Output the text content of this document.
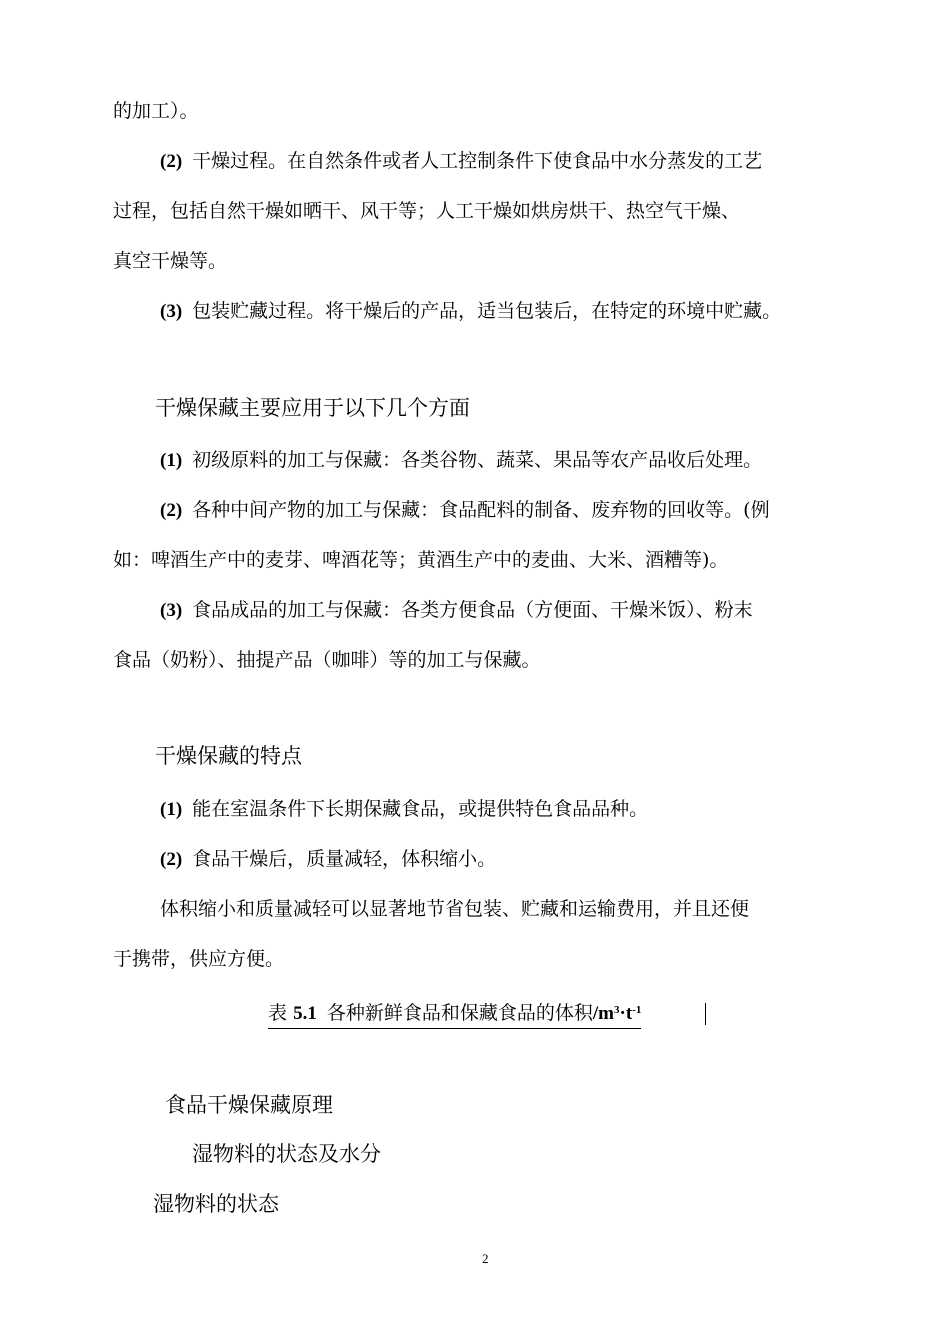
的加工）。
(2) 干燥过程。在自然条件或者人工控制条件下使食品中水分蒸发的工艺
过程，包括自然干燥如晒干、风干等；人工干燥如烘房烘干、热空气干燥、
真空干燥等。
(3) 包装贮藏过程。将干燥后的产品，适当包装后，在特定的环境中贮藏。
干燥保藏主要应用于以下几个方面
(1) 初级原料的加工与保藏：各类谷物、蔬菜、果品等农产品收后处理。
(2) 各种中间产物的加工与保藏：食品配料的制备、废弃物的回收等。(例
如：啤酒生产中的麦芽、啤酒花等；黄酒生产中的麦曲、大米、酒糟等)。
(3) 食品成品的加工与保藏：各类方便食品（方便面、干燥米饭）、粉末
食品（奶粉）、抽提产品（咖啡）等的加工与保藏。
干燥保藏的特点
(1) 能在室温条件下长期保藏食品，或提供特色食品品种。
(2) 食品干燥后，质量减轻，体积缩小。
体积缩小和质量减轻可以显著地节省包装、贮藏和运输费用，并且还便
于携带，供应方便。
表 5.1 各种新鲜食品和保藏食品的体积$/m^3\cdot t^{-1}$
食品干燥保藏原理
湿物料的状态及水分
湿物料的状态
2
